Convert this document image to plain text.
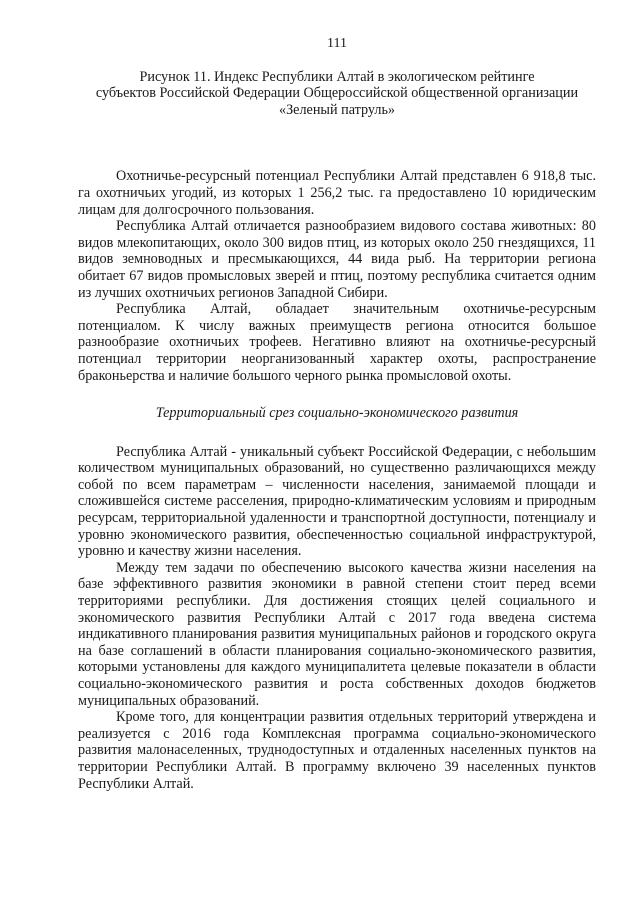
111
Рисунок 11. Индекс Республики Алтай в экологическом рейтинге
субъектов Российской Федерации Общероссийской общественной организации
«Зеленый патруль»

Охотничье-ресурсный потенциал Республики Алтай представлен 6 918,8 тыс. га охотничьих угодий, из которых 1 256,2 тыс. га предоставлено 10 юридическим лицам для долгосрочного пользования.

Республика Алтай отличается разнообразием видового состава животных: 80 видов млекопитающих, около 300 видов птиц, из которых около 250 гнездящихся, 11 видов земноводных и пресмыкающихся, 44 вида рыб. На территории региона обитает 67 видов промысловых зверей и птиц, поэтому республика считается одним из лучших охотничьих регионов Западной Сибири.

Республика Алтай, обладает значительным охотничье-ресурсным потенциалом. К числу важных преимуществ региона относится большое разнообразие охотничьих трофеев. Негативно влияют на охотничье-ресурсный потенциал территории неорганизованный характер охоты, распространение браконьерства и наличие большого черного рынка промысловой охоты.

Территориальный срез социально-экономического развития

Республика Алтай - уникальный субъект Российской Федерации, с небольшим количеством муниципальных образований, но существенно различающихся между собой по всем параметрам – численности населения, занимаемой площади и сложившейся системе расселения, природно-климатическим условиям и природным ресурсам, территориальной удаленности и транспортной доступности, потенциалу и уровню экономического развития, обеспеченностью социальной инфраструктурой, уровню и качеству жизни населения.

Между тем задачи по обеспечению высокого качества жизни населения на базе эффективного развития экономики в равной степени стоит перед всеми территориями республики. Для достижения стоящих целей социального и экономического развития Республики Алтай с 2017 года введена система индикативного планирования развития муниципальных районов и городского округа на базе соглашений в области планирования социально-экономического развития, которыми установлены для каждого муниципалитета целевые показатели в области социально-экономического развития и роста собственных доходов бюджетов муниципальных образований.

Кроме того, для концентрации развития отдельных территорий утверждена и реализуется с 2016 года Комплексная программа социально-экономического развития малонаселенных, труднодоступных и отдаленных населенных пунктов на территории Республики Алтай. В программу включено 39 населенных пунктов Республики Алтай.
